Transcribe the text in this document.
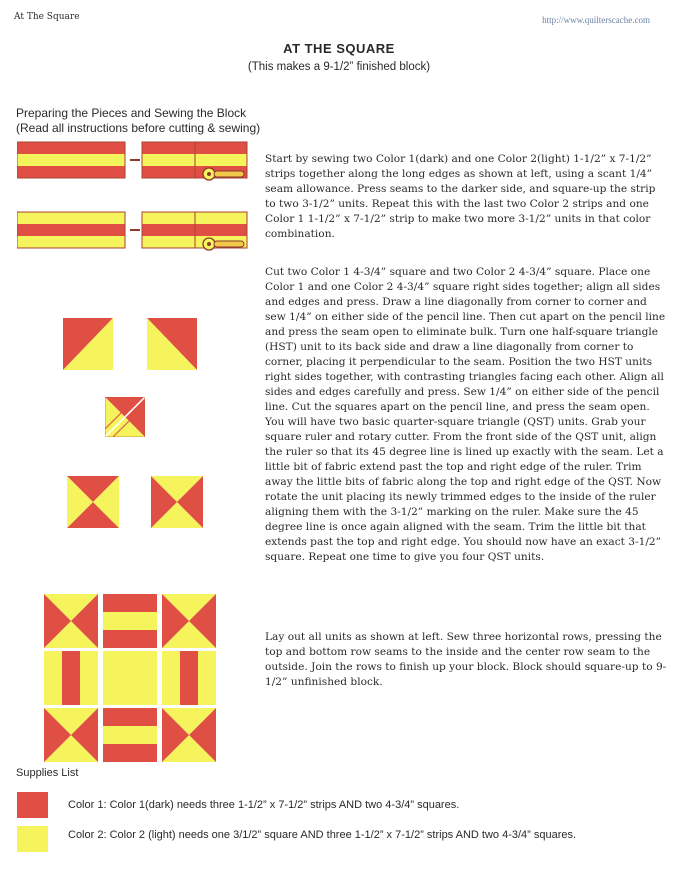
At The Square	http://www.quilterscache.com
AT THE SQUARE
(This makes a 9-1/2” finished block)
Preparing the Pieces and Sewing the Block
(Read all instructions before cutting & sewing)
Start by sewing two Color 1(dark) and one Color 2(light) 1-1/2” x 7-1/2” strips together along the long edges as shown at left, using a scant 1/4” seam allowance. Press seams to the darker side, and square-up the strip to two 3-1/2” units. Repeat this with the last two Color 2 strips and one Color 1 1-1/2” x 7-1/2” strip to make two more 3-1/2” units in that color combination.
Cut two Color 1 4-3/4” square and two Color 2 4-3/4” square. Place one Color 1 and one Color 2 4-3/4” square right sides together; align all sides and edges and press. Draw a line diagonally from corner to corner and sew 1/4” on either side of the pencil line. Then cut apart on the pencil line and press the seam open to eliminate bulk. Turn one half-square triangle (HST) unit to its back side and draw a line diagonally from corner to corner, placing it perpendicular to the seam. Position the two HST units right sides together, with contrasting triangles facing each other. Align all sides and edges carefully and press. Sew 1/4” on either side of the pencil line. Cut the squares apart on the pencil line, and press the seam open. You will have two basic quarter-square triangle (QST) units. Grab your square ruler and rotary cutter. From the front side of the QST unit, align the ruler so that its 45 degree line is lined up exactly with the seam. Let a little bit of fabric extend past the top and right edge of the ruler. Trim away the little bits of fabric along the top and right edge of the QST. Now rotate the unit placing its newly trimmed edges to the inside of the ruler aligning them with the 3-1/2” marking on the ruler. Make sure the 45 degree line is once again aligned with the seam. Trim the little bit that extends past the top and right edge. You should now have an exact 3-1/2” square. Repeat one time to give you four QST units.
Lay out all units as shown at left. Sew three horizontal rows, pressing the top and bottom row seams to the inside and the center row seam to the outside. Join the rows to finish up your block. Block should square-up to 9-1/2” unfinished block.
Supplies List
Color 1: Color 1(dark) needs three 1-1/2” x 7-1/2” strips AND two 4-3/4” squares.
Color 2: Color 2 (light) needs one 3/1/2” square AND three 1-1/2” x 7-1/2” strips AND two 4-3/4” squares.
